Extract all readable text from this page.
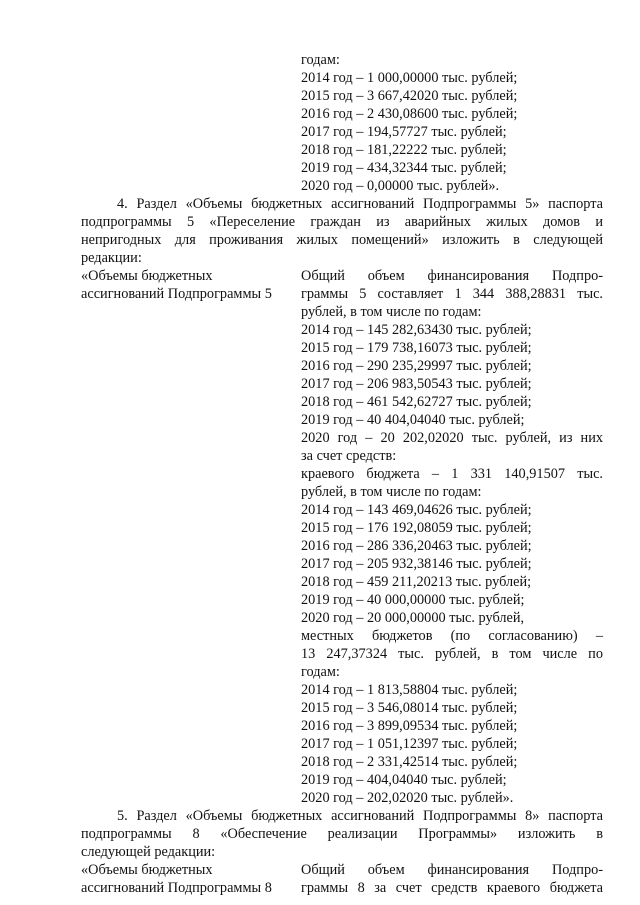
годам:
2014 год – 1 000,00000 тыс. рублей;
2015 год – 3 667,42020 тыс. рублей;
2016 год – 2 430,08600 тыс. рублей;
2017 год – 194,57727 тыс. рублей;
2018 год – 181,22222 тыс. рублей;
2019 год – 434,32344 тыс. рублей;
2020 год – 0,00000 тыс. рублей».
4. Раздел «Объемы бюджетных ассигнований Подпрограммы 5» паспорта
подпрограммы 5 «Переселение граждан из аварийных жилых домов и
непригодных для проживания жилых помещений» изложить в следующей
редакции:
«Объемы бюджетных
ассигнований Подпрограммы 5
Общий объем финансирования Подпро-
граммы 5 составляет 1 344 388,28831 тыс.
рублей, в том числе по годам:
2014 год – 145 282,63430 тыс. рублей;
2015 год – 179 738,16073 тыс. рублей;
2016 год – 290 235,29997 тыс. рублей;
2017 год – 206 983,50543 тыс. рублей;
2018 год – 461 542,62727 тыс. рублей;
2019 год – 40 404,04040 тыс. рублей;
2020 год – 20 202,02020 тыс. рублей, из них
за счет средств:
краевого бюджета – 1 331 140,91507 тыс.
рублей, в том числе по годам:
2014 год – 143 469,04626 тыс. рублей;
2015 год – 176 192,08059 тыс. рублей;
2016 год – 286 336,20463 тыс. рублей;
2017 год – 205 932,38146 тыс. рублей;
2018 год – 459 211,20213 тыс. рублей;
2019 год – 40 000,00000 тыс. рублей;
2020 год – 20 000,00000 тыс. рублей,
местных бюджетов (по согласованию) –
13 247,37324 тыс. рублей, в том числе по
годам:
2014 год – 1 813,58804 тыс. рублей;
2015 год – 3 546,08014 тыс. рублей;
2016 год – 3 899,09534 тыс. рублей;
2017 год – 1 051,12397 тыс. рублей;
2018 год – 2 331,42514 тыс. рублей;
2019 год – 404,04040 тыс. рублей;
2020 год – 202,02020 тыс. рублей».
5. Раздел «Объемы бюджетных ассигнований Подпрограммы 8» паспорта
подпрограммы 8 «Обеспечение реализации Программы» изложить в
следующей редакции:
«Объемы бюджетных
ассигнований Подпрограммы 8
Общий объем финансирования Подпро-
граммы 8 за счет средств краевого бюджета
